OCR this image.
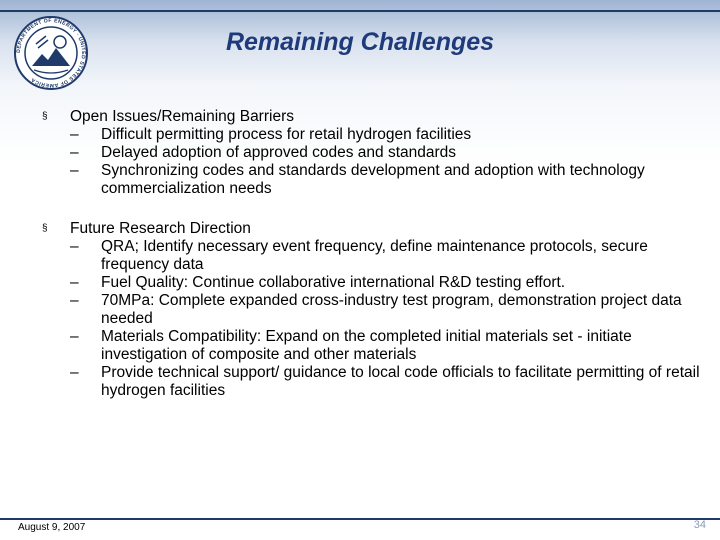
DEPARTMENT OF ENERGY · UNITED STATES OF AMERICA
Remaining Challenges
§	Open Issues/Remaining Barriers
–	Difficult permitting process for retail hydrogen facilities
–	Delayed adoption of approved codes and standards
–	Synchronizing codes and standards development and adoption with technology commercialization needs
§	Future Research Direction
–	QRA; Identify necessary event frequency, define maintenance protocols, secure frequency data
–	Fuel Quality: Continue collaborative international R&D testing effort.
–	70MPa: Complete expanded cross-industry test program, demonstration project data needed
–	Materials Compatibility: Expand on the completed initial materials set - initiate investigation of composite and other materials
–	Provide technical support/ guidance to local code officials to facilitate permitting of retail hydrogen facilities
August 9, 2007	34
